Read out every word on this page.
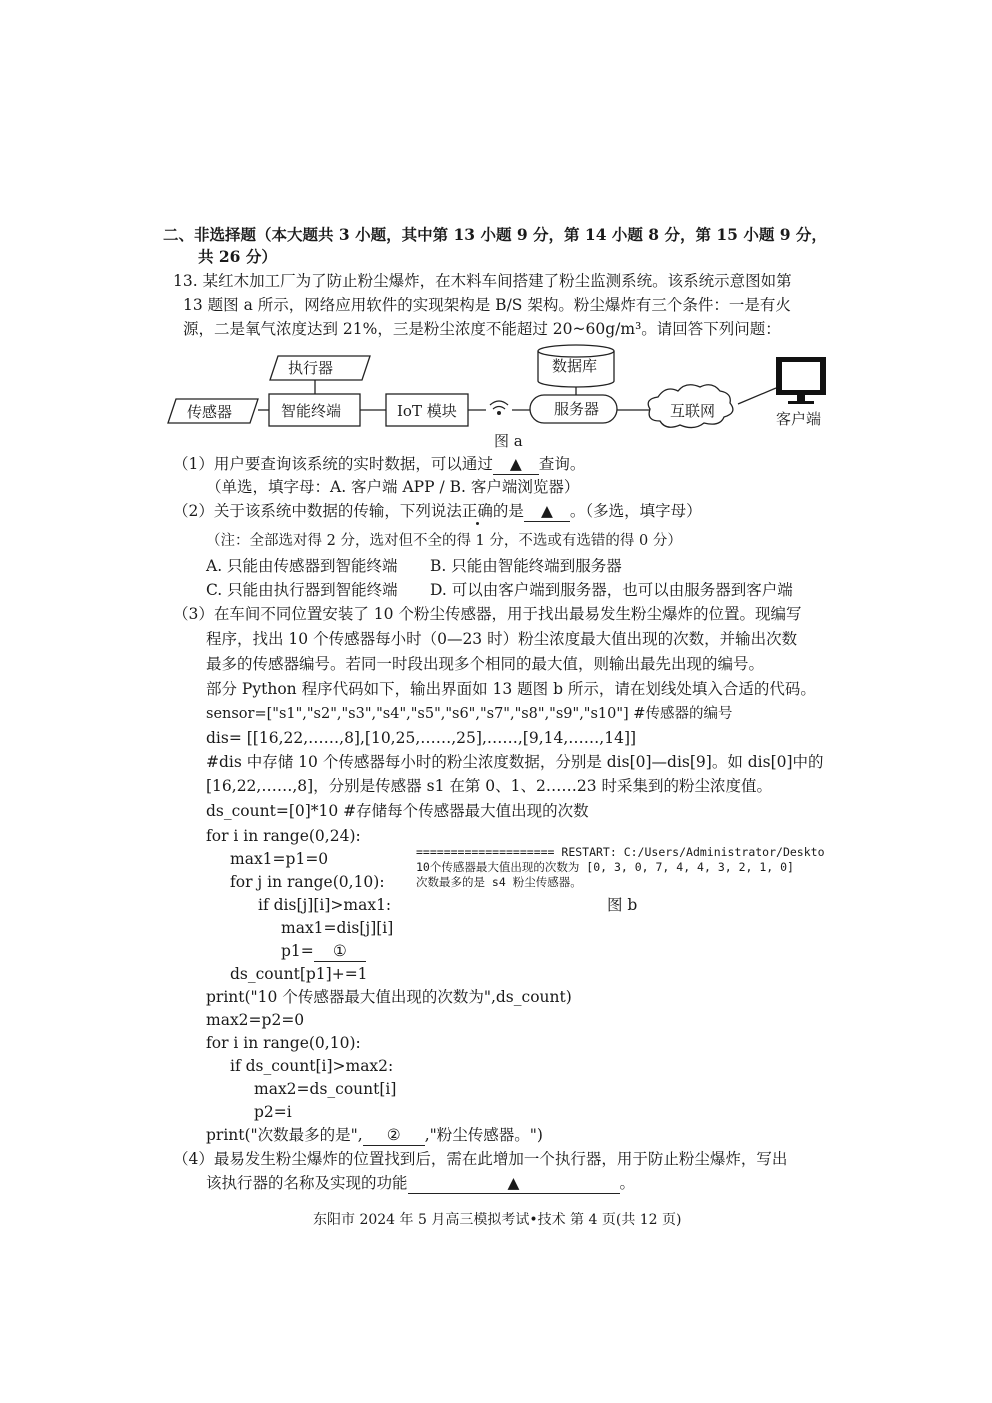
二、非选择题（本大题共 3 小题，其中第 13 小题 9 分，第 14 小题 8 分，第 15 小题 9 分，
共 26 分）
13. 某红木加工厂为了防止粉尘爆炸，在木料车间搭建了粉尘监测系统。该系统示意图如第
13 题图 a 所示，网络应用软件的实现架构是 B/S 架构。粉尘爆炸有三个条件：一是有火
源，二是氧气浓度达到 21%，三是粉尘浓度不能超过 20~60g/m³。请回答下列问题：
执行器
传感器	智能终端	IoT 模块
数据库
服务器	互联网	客户端
图 a
（1）用户要查询该系统的实时数据，可以通过 ▲ 查询。
（单选，填字母：A. 客户端 APP / B. 客户端浏览器）
（2）关于该系统中数据的传输，下列说法正确的是 ▲ 。（多选，填字母）
（注：全部选对得 2 分，选对但不全的得 1 分，不选或有选错的得 0 分）
A. 只能由传感器到智能终端 B. 只能由智能终端到服务器
C. 只能由执行器到智能终端 D. 可以由客户端到服务器，也可以由服务器到客户端
（3）在车间不同位置安装了 10 个粉尘传感器，用于找出最易发生粉尘爆炸的位置。现编写
程序，找出 10 个传感器每小时（0—23 时）粉尘浓度最大值出现的次数，并输出次数
最多的传感器编号。若同一时段出现多个相同的最大值，则输出最先出现的编号。
部分 Python 程序代码如下，输出界面如 13 题图 b 所示，请在划线处填入合适的代码。
sensor=["s1","s2","s3","s4","s5","s6","s7","s8","s9","s10"] #传感器的编号
dis= [[16,22,……,8],[10,25,……,25],……,[9,14,……,14]]
#dis 中存储 10 个传感器每小时的粉尘浓度数据，分别是 dis[0]—dis[9]。如 dis[0]中的
[16,22,……,8]，分别是传感器 s1 在第 0、1、2……23 时采集到的粉尘浓度值。
ds_count=[0]*10 #存储每个传感器最大值出现的次数
for i in range(0,24):
max1=p1=0
for j in range(0,10):
if dis[j][i]>max1:
max1=dis[j][i]
p1= ①
ds_count[p1]+=1
print("10 个传感器最大值出现的次数为",ds_count)
max2=p2=0
for i in range(0,10):
if ds_count[i]>max2:
max2=ds_count[i]
p2=i
print("次数最多的是", ② ,"粉尘传感器。")
==================== RESTART: C:/Users/Administrator/Deskto
10个传感器最大值出现的次数为 [0, 3, 0, 7, 4, 4, 3, 2, 1, 0]
次数最多的是 s4 粉尘传感器。
图 b
（4）最易发生粉尘爆炸的位置找到后，需在此增加一个执行器，用于防止粉尘爆炸，写出
该执行器的名称及实现的功能	▲	。
东阳市 2024 年 5 月高三模拟考试•技术 第 4 页(共 12 页)
